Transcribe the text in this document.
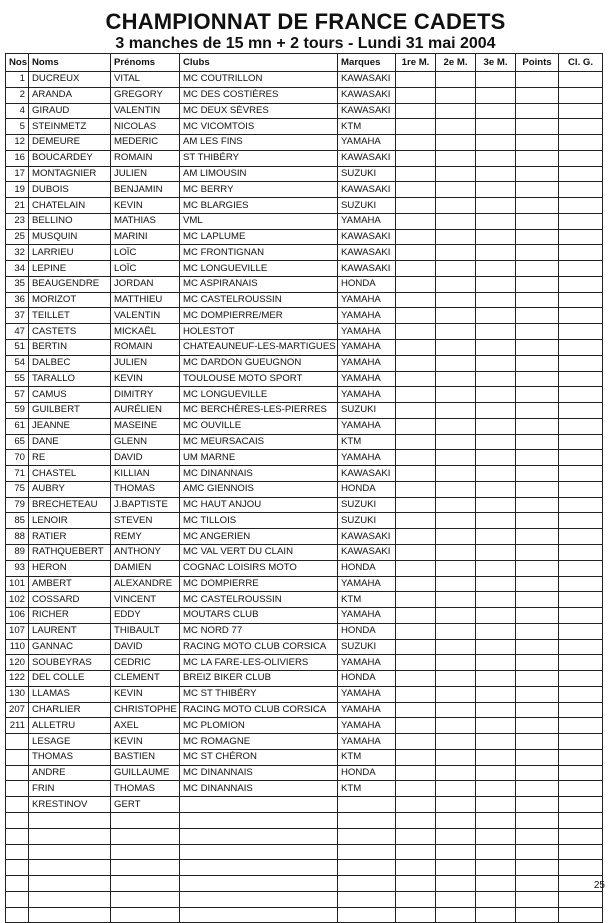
CHAMPIONNAT DE FRANCE CADETS
3 manches de 15 mn + 2 tours - Lundi 31 mai 2004
Nos	Noms	Prénoms	Clubs	Marques	1re M.	2e M.	3e M.	Points	Cl. G.
1	DUCREUX	VITAL	MC COUTRILLON	KAWASAKI					
2	ARANDA	GREGORY	MC DES COSTIÈRES	KAWASAKI					
4	GIRAUD	VALENTIN	MC DEUX SÈVRES	KAWASAKI					
5	STEINMETZ	NICOLAS	MC VICOMTOIS	KTM					
12	DEMEURE	MEDERIC	AM LES FINS	YAMAHA					
16	BOUCARDEY	ROMAIN	ST THIBÉRY	KAWASAKI					
17	MONTAGNIER	JULIEN	AM LIMOUSIN	SUZUKI					
19	DUBOIS	BENJAMIN	MC BERRY	KAWASAKI					
21	CHATELAIN	KEVIN	MC BLARGIES	SUZUKI					
23	BELLINO	MATHIAS	VML	YAMAHA					
25	MUSQUIN	MARINI	MC LAPLUME	KAWASAKI					
32	LARRIEU	LOÏC	MC FRONTIGNAN	KAWASAKI					
34	LEPINE	LOÏC	MC LONGUEVILLE	KAWASAKI					
35	BEAUGENDRE	JORDAN	MC ASPIRANAIS	HONDA					
36	MORIZOT	MATTHIEU	MC CASTELROUSSIN	YAMAHA					
37	TEILLET	VALENTIN	MC DOMPIERRE/MER	YAMAHA					
47	CASTETS	MICKAËL	HOLESTOT	YAMAHA					
51	BERTIN	ROMAIN	CHATEAUNEUF-LES-MARTIGUES	YAMAHA					
54	DALBEC	JULIEN	MC DARDON GUEUGNON	YAMAHA					
55	TARALLO	KEVIN	TOULOUSE MOTO SPORT	YAMAHA					
57	CAMUS	DIMITRY	MC LONGUEVILLE	YAMAHA					
59	GUILBERT	AURÉLIEN	MC BERCHÈRES-LES-PIERRES	SUZUKI					
61	JEANNE	MASEINE	MC OUVILLE	YAMAHA					
65	DANE	GLENN	MC MEURSACAIS	KTM					
70	RE	DAVID	UM MARNE	YAMAHA					
71	CHASTEL	KILLIAN	MC DINANNAIS	KAWASAKI					
75	AUBRY	THOMAS	AMC GIENNOIS	HONDA					
79	BRECHETEAU	J.BAPTISTE	MC HAUT ANJOU	SUZUKI					
85	LENOIR	STEVEN	MC TILLOIS	SUZUKI					
88	RATIER	REMY	MC ANGERIEN	KAWASAKI					
89	RATHQUEBERT	ANTHONY	MC VAL VERT DU CLAIN	KAWASAKI					
93	HERON	DAMIEN	COGNAC LOISIRS MOTO	HONDA					
101	AMBERT	ALEXANDRE	MC DOMPIERRE	YAMAHA					
102	COSSARD	VINCENT	MC CASTELROUSSIN	KTM					
106	RICHER	EDDY	MOUTARS CLUB	YAMAHA					
107	LAURENT	THIBAULT	MC NORD 77	HONDA					
110	GANNAC	DAVID	RACING MOTO CLUB CORSICA	SUZUKI					
120	SOUBEYRAS	CEDRIC	MC LA FARE-LES-OLIVIERS	YAMAHA					
122	DEL COLLE	CLEMENT	BREIZ BIKER CLUB	HONDA					
130	LLAMAS	KEVIN	MC ST THIBÉRY	YAMAHA					
207	CHARLIER	CHRISTOPHE	RACING MOTO CLUB CORSICA	YAMAHA					
211	ALLETRU	AXEL	MC PLOMION	YAMAHA					
	LESAGE	KEVIN	MC ROMAGNE	YAMAHA					
	THOMAS	BASTIEN	MC ST CHÉRON	KTM					
	ANDRE	GUILLAUME	MC DINANNAIS	HONDA					
	FRIN	THOMAS	MC DINANNAIS	KTM					
	KRESTINOV	GERT							

25
